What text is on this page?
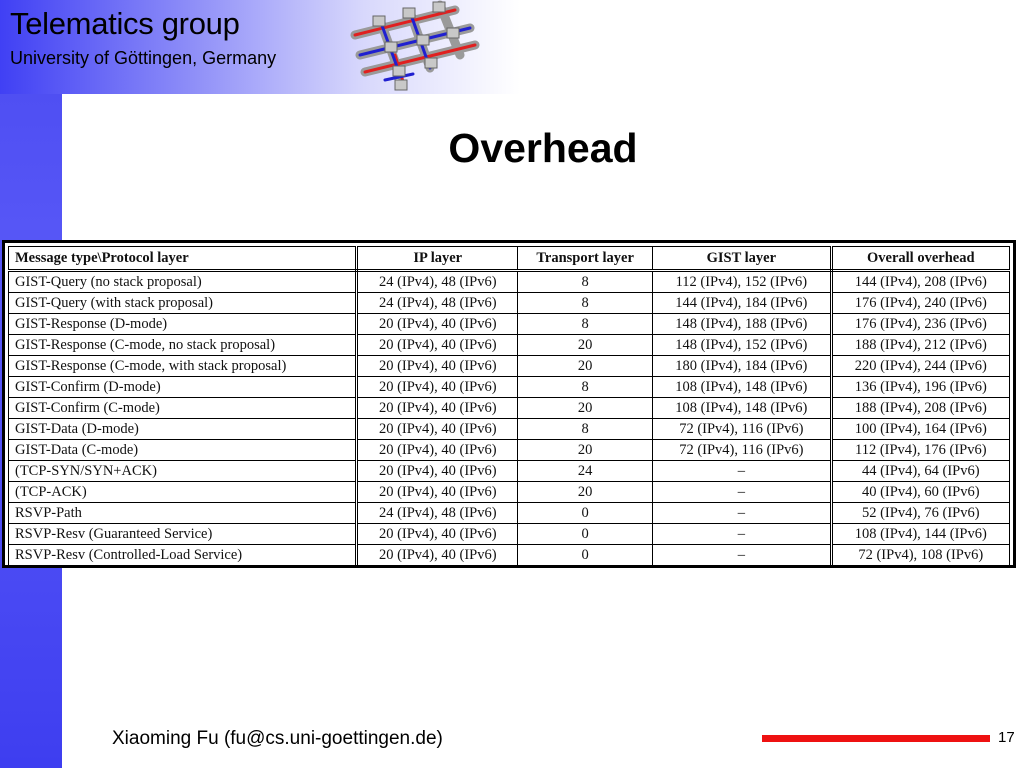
Telematics group
University of Göttingen, Germany
Overhead
Message type\Protocol layer	IP layer	Transport layer	GIST layer	Overall overhead
GIST-Query (no stack proposal)	24 (IPv4), 48 (IPv6)	8	112 (IPv4), 152 (IPv6)	144 (IPv4), 208 (IPv6)
GIST-Query (with stack proposal)	24 (IPv4), 48 (IPv6)	8	144 (IPv4), 184 (IPv6)	176 (IPv4), 240 (IPv6)
GIST-Response (D-mode)	20 (IPv4), 40 (IPv6)	8	148 (IPv4), 188 (IPv6)	176 (IPv4), 236 (IPv6)
GIST-Response (C-mode, no stack proposal)	20 (IPv4), 40 (IPv6)	20	148 (IPv4), 152 (IPv6)	188 (IPv4), 212 (IPv6)
GIST-Response (C-mode, with stack proposal)	20 (IPv4), 40 (IPv6)	20	180 (IPv4), 184 (IPv6)	220 (IPv4), 244 (IPv6)
GIST-Confirm (D-mode)	20 (IPv4), 40 (IPv6)	8	108 (IPv4), 148 (IPv6)	136 (IPv4), 196 (IPv6)
GIST-Confirm (C-mode)	20 (IPv4), 40 (IPv6)	20	108 (IPv4), 148 (IPv6)	188 (IPv4), 208 (IPv6)
GIST-Data (D-mode)	20 (IPv4), 40 (IPv6)	8	72 (IPv4), 116 (IPv6)	100 (IPv4), 164 (IPv6)
GIST-Data (C-mode)	20 (IPv4), 40 (IPv6)	20	72 (IPv4), 116 (IPv6)	112 (IPv4), 176 (IPv6)
(TCP-SYN/SYN+ACK)	20 (IPv4), 40 (IPv6)	24	–	44 (IPv4), 64 (IPv6)
(TCP-ACK)	20 (IPv4), 40 (IPv6)	20	–	40 (IPv4), 60 (IPv6)
RSVP-Path	24 (IPv4), 48 (IPv6)	0	–	52 (IPv4), 76 (IPv6)
RSVP-Resv (Guaranteed Service)	20 (IPv4), 40 (IPv6)	0	–	108 (IPv4), 144 (IPv6)
RSVP-Resv (Controlled-Load Service)	20 (IPv4), 40 (IPv6)	0	–	72 (IPv4), 108 (IPv6)
Xiaoming Fu (fu@cs.uni-goettingen.de)	17
